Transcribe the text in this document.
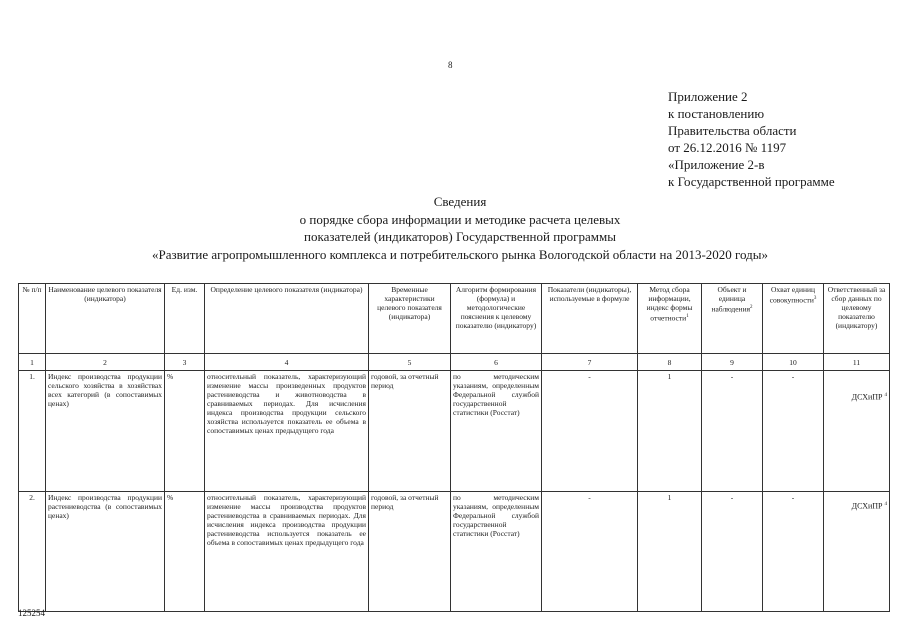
8
Приложение 2
к постановлению
Правительства области
от 26.12.2016 № 1197
«Приложение 2-в
к Государственной программе
Сведения
о порядке сбора информации и методике расчета целевых
показателей (индикаторов) Государственной программы
«Развитие агропромышленного комплекса и потребительского рынка Вологодской области на 2013-2020 годы»
№ п/п	Наименование целевого показателя (индикатора)	Ед. изм.	Определение целевого показателя (индикатора)	Временные характеристики целевого показателя (индикатора)	Алгоритм формирования (формула) и методологические пояснения к целевому показателю (индикатору)	Показатели (индикаторы), используемые в формуле	Метод сбора информации, индекс формы отчетности$^1$	Объект и единица наблюдения$^2$	Охват единиц совокупности$^3$	Ответственный за сбор данных по целевому показателю (индикатору)
1	2	3	4	5	6	7	8	9	10	11
1.	Индекс производства продукции сельского хозяйства в хозяйствах всех категорий (в сопоставимых ценах)	%	относительный показатель, характеризующий изменение массы произведенных продуктов растениеводства и животноводства в сравниваемых периодах. Для исчисления индекса производства продукции сельского хозяйства используется показатель ее объема в сопоставимых ценах предыдущего года	годовой, за отчетный период	по методическим указаниям, определенным Федеральной службой государственной статистики (Росстат)	-	1	-	-	ДСХиПР $^4$
2.	Индекс производства продукции растениеводства (в сопоставимых ценах)	%	относительный показатель, характеризующий изменение массы производства продуктов растениеводства в сравниваемых периодах. Для исчисления индекса производства продукции растениеводства используется показатель ее объема в сопоставимых ценах предыдущего года	годовой, за отчетный период	по методическим указаниям, определенным Федеральной службой государственной статистики (Росстат)	-	1	-	-	ДСХиПР $^4$
125254
